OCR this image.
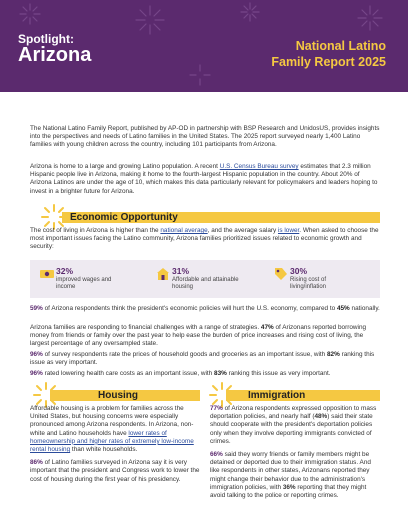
Spotlight:
Arizona	National Latino
Family Report 2025
The National Latino Family Report, published by AP-OD in partnership with BSP Research and UnidosUS, provides insights into the perspectives and needs of Latino families in the United States. The 2025 report surveyed nearly 1,400 Latino families with young children across the country, including 101 participants from Arizona.
Arizona is home to a large and growing Latino population. A recent U.S. Census Bureau survey estimates that 2.3 million Hispanic people live in Arizona, making it home to the fourth-largest Hispanic population in the country. About 20% of Arizona Latinos are under the age of 10, which makes this data particularly relevant for policymakers and leaders hoping to invest in a brighter future for Arizona.
Economic Opportunity
The cost of living in Arizona is higher than the national average, and the average salary is lower. When asked to choose the most important issues facing the Latino community, Arizona families prioritized issues related to economic growth and security:
32%
improved wages and income
31%
Affordable and attainable housing
30%
Rising cost of living/inflation
59% of Arizona respondents think the president's economic policies will hurt the U.S. economy, compared to 45% nationally.
Arizona families are responding to financial challenges with a range of strategies. 47% of Arizonans reported borrowing money from friends or family over the past year to help ease the burden of price increases and rising cost of living, the largest percentage of any oversampled state.
96% of survey respondents rate the prices of household goods and groceries as an important issue, with 82% ranking this issue as very important.
96% rated lowering health care costs as an important issue, with 83% ranking this issue as very important.
Housing

Affordable housing is a problem for families across the United States, but housing concerns were especially pronounced among Arizona respondents. In Arizona, non-white and Latino households have lower rates of homeownership and higher rates of extremely low-income rental housing than white households.

86% of Latino families surveyed in Arizona say it is very important that the president and Congress work to lower the cost of housing during the first year of his presidency.

Immigration

77% of Arizona respondents expressed opposition to mass deportation policies, and nearly half (48%) said their state should cooperate with the president's deportation policies only when they involve deporting immigrants convicted of crimes.

66% said they worry friends or family members might be detained or deported due to their immigration status. And like respondents in other states, Arizonans reported they might change their behavior due to the administration's immigration policies, with 36% reporting that they might avoid talking to the police or reporting crimes.
